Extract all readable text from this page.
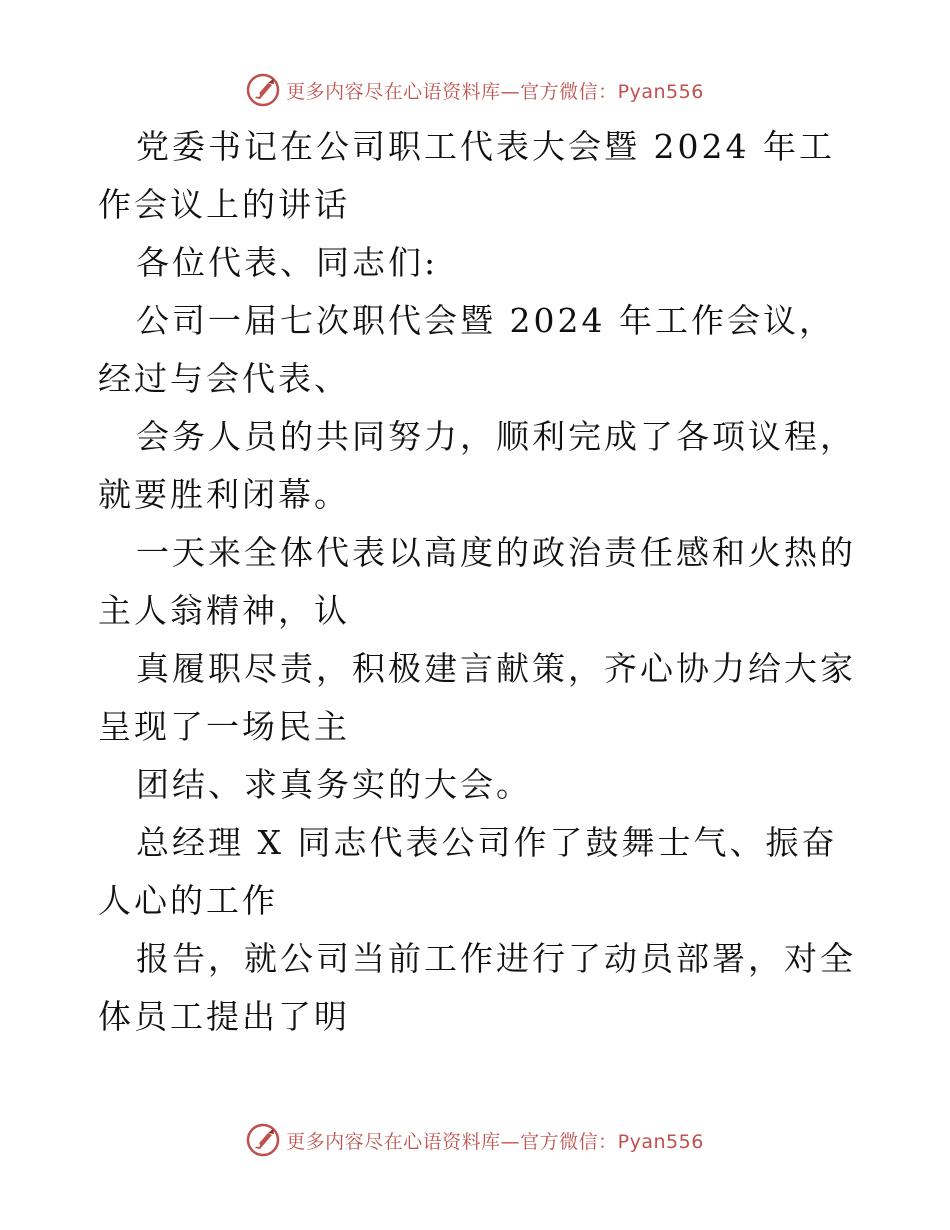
更多内容尽在心语资料库—官方微信：Pyan556

党委书记在公司职工代表大会暨 2024 年工作会议上的讲话

各位代表、同志们:

公司一届七次职代会暨 2024 年工作会议，经过与会代表、

会务人员的共同努力，顺利完成了各项议程，就要胜利闭幕。

一天来全体代表以高度的政治责任感和火热的主人翁精神，认

真履职尽责，积极建言献策，齐心协力给大家呈现了一场民主

团结、求真务实的大会。

总经理 X 同志代表公司作了鼓舞士气、振奋人心的工作

报告，就公司当前工作进行了动员部署，对全体员工提出了明

更多内容尽在心语资料库—官方微信：Pyan556
